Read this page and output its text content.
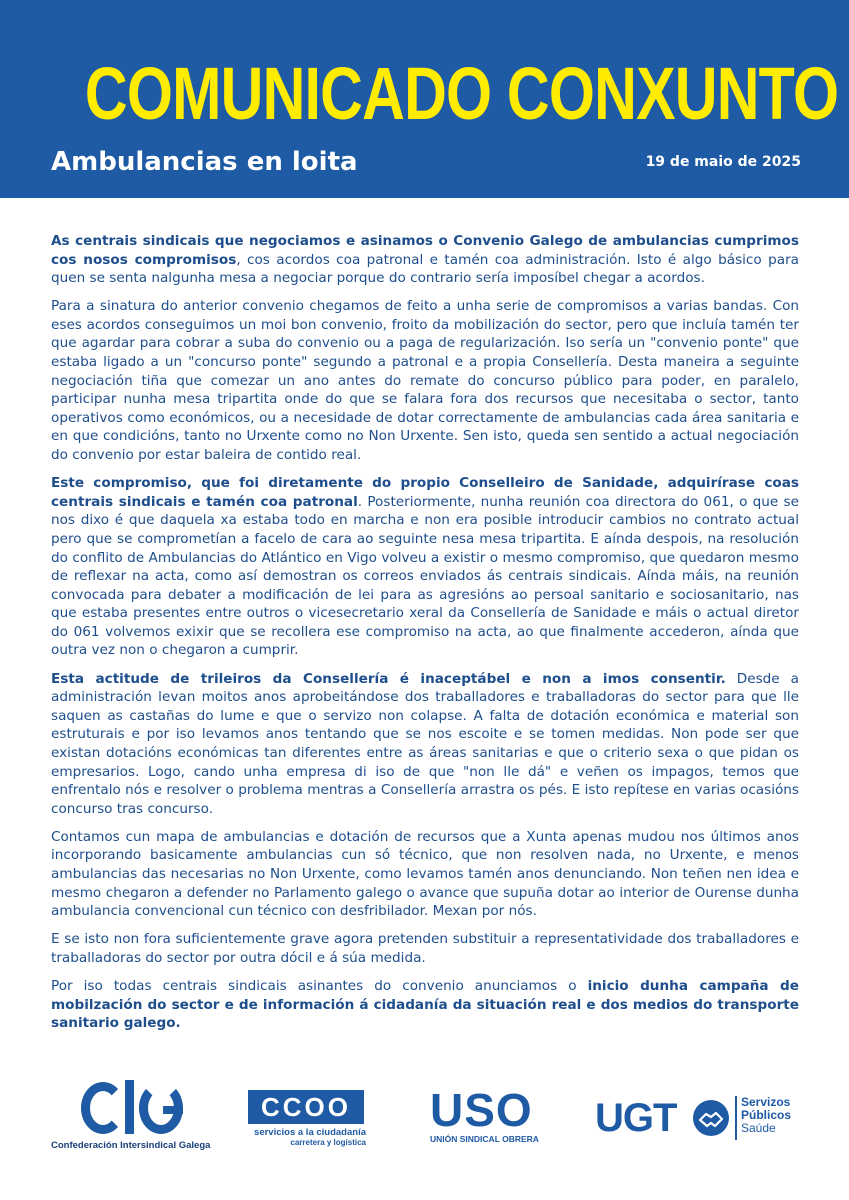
COMUNICADO CONXUNTO
Ambulancias en loita	19 de maio de 2025

As centrais sindicais que negociamos e asinamos o Convenio Galego de ambulancias cumprimos cos nosos compromisos, cos acordos coa patronal e tamén coa administración. Isto é algo básico para quen se senta nalgunha mesa a negociar porque do contrario sería imposíbel chegar a acordos.

Para a sinatura do anterior convenio chegamos de feito a unha serie de compromisos a varias bandas. Con eses acordos conseguimos un moi bon convenio, froito da mobilización do sector, pero que incluía tamén ter que agardar para cobrar a suba do convenio ou a paga de regularización. Iso sería un "convenio ponte" que estaba ligado a un "concurso ponte" segundo a patronal e a propia Consellería. Desta maneira a seguinte negociación tiña que comezar un ano antes do remate do concurso público para poder, en paralelo, participar nunha mesa tripartita onde do que se falara fora dos recursos que necesitaba o sector, tanto operativos como económicos, ou a necesidade de dotar correctamente de ambulancias cada área sanitaria e en que condicións, tanto no Urxente como no Non Urxente. Sen isto, queda sen sentido a actual negociación do convenio por estar baleira de contido real.

Este compromiso, que foi diretamente do propio Conselleiro de Sanidade, adquirírase coas centrais sindicais e tamén coa patronal. Posteriormente, nunha reunión coa directora do 061, o que se nos dixo é que daquela xa estaba todo en marcha e non era posible introducir cambios no contrato actual pero que se comprometían a facelo de cara ao seguinte nesa mesa tripartita. E aínda despois, na resolución do conflito de Ambulancias do Atlántico en Vigo volveu a existir o mesmo compromiso, que quedaron mesmo de reflexar na acta, como así demostran os correos enviados ás centrais sindicais. Aínda máis, na reunión convocada para debater a modificación de lei para as agresións ao persoal sanitario e sociosanitario, nas que estaba presentes entre outros o vicesecretario xeral da Consellería de Sanidade e máis o actual diretor do 061 volvemos exixir que se recollera ese compromiso na acta, ao que finalmente accederon, aínda que outra vez non o chegaron a cumprir.

Esta actitude de trileiros da Consellería é inaceptábel e non a imos consentir. Desde a administración levan moitos anos aprobeitándose dos traballadores e traballadoras do sector para que lle saquen as castañas do lume e que o servizo non colapse. A falta de dotación económica e material son estruturais e por iso levamos anos tentando que se nos escoite e se tomen medidas. Non pode ser que existan dotacións económicas tan diferentes entre as áreas sanitarias e que o criterio sexa o que pidan os empresarios. Logo, cando unha empresa di iso de que "non lle dá" e veñen os impagos, temos que enfrentalo nós e resolver o problema mentras a Consellería arrastra os pés. E isto repítese en varias ocasións concurso tras concurso.

Contamos cun mapa de ambulancias e dotación de recursos que a Xunta apenas mudou nos últimos anos incorporando basicamente ambulancias cun só técnico, que non resolven nada, no Urxente, e menos ambulancias das necesarias no Non Urxente, como levamos tamén anos denunciando. Non teñen nen idea e mesmo chegaron a defender no Parlamento galego o avance que supuña dotar ao interior de Ourense dunha ambulancia convencional cun técnico con desfribilador. Mexan por nós.

E se isto non fora suficientemente grave agora pretenden substituir a representatividade dos traballadores e traballadoras do sector por outra dócil e á súa medida.

Por iso todas centrais sindicais asinantes do convenio anunciamos o inicio dunha campaña de mobilzación do sector e de información á cidadanía da situación real e dos medios do transporte sanitario galego.

Confederación Intersindical Galega
CCOO
servicios a la ciudadanía
carretera y logística
USO
UNIÓN SINDICAL OBRERA UGT	Servizos
Públicos
Saúde
